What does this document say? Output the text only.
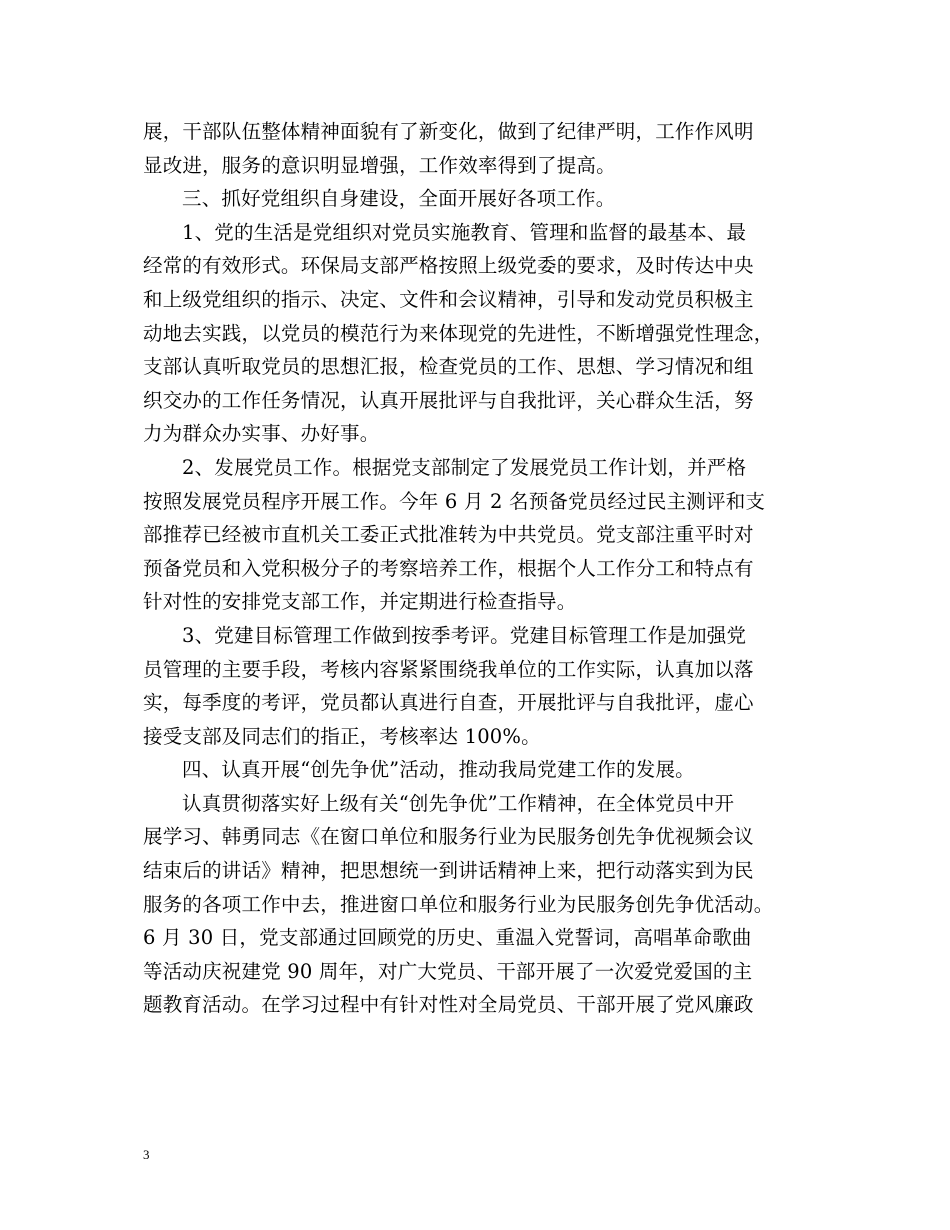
展，干部队伍整体精神面貌有了新变化，做到了纪律严明，工作作风明
显改进，服务的意识明显增强，工作效率得到了提高。
三、抓好党组织自身建设，全面开展好各项工作。
1、党的生活是党组织对党员实施教育、管理和监督的最基本、最
经常的有效形式。环保局支部严格按照上级党委的要求，及时传达中央
和上级党组织的指示、决定、文件和会议精神，引导和发动党员积极主
动地去实践，以党员的模范行为来体现党的先进性，不断增强党性理念，
支部认真听取党员的思想汇报，检查党员的工作、思想、学习情况和组
织交办的工作任务情况，认真开展批评与自我批评，关心群众生活，努
力为群众办实事、办好事。
2、发展党员工作。根据党支部制定了发展党员工作计划，并严格
按照发展党员程序开展工作。今年 6 月 2 名预备党员经过民主测评和支
部推荐已经被市直机关工委正式批准转为中共党员。党支部注重平时对
预备党员和入党积极分子的考察培养工作，根据个人工作分工和特点有
针对性的安排党支部工作，并定期进行检查指导。
3、党建目标管理工作做到按季考评。党建目标管理工作是加强党
员管理的主要手段，考核内容紧紧围绕我单位的工作实际，认真加以落
实，每季度的考评，党员都认真进行自查，开展批评与自我批评，虚心
接受支部及同志们的指正，考核率达 100%。
四、认真开展“创先争优”活动，推动我局党建工作的发展。
认真贯彻落实好上级有关“创先争优”工作精神，在全体党员中开
展学习、韩勇同志《在窗口单位和服务行业为民服务创先争优视频会议
结束后的讲话》精神，把思想统一到讲话精神上来，把行动落实到为民
服务的各项工作中去，推进窗口单位和服务行业为民服务创先争优活动。
6 月 30 日，党支部通过回顾党的历史、重温入党誓词，高唱革命歌曲
等活动庆祝建党 90 周年，对广大党员、干部开展了一次爱党爱国的主
题教育活动。在学习过程中有针对性对全局党员、干部开展了党风廉政
3
